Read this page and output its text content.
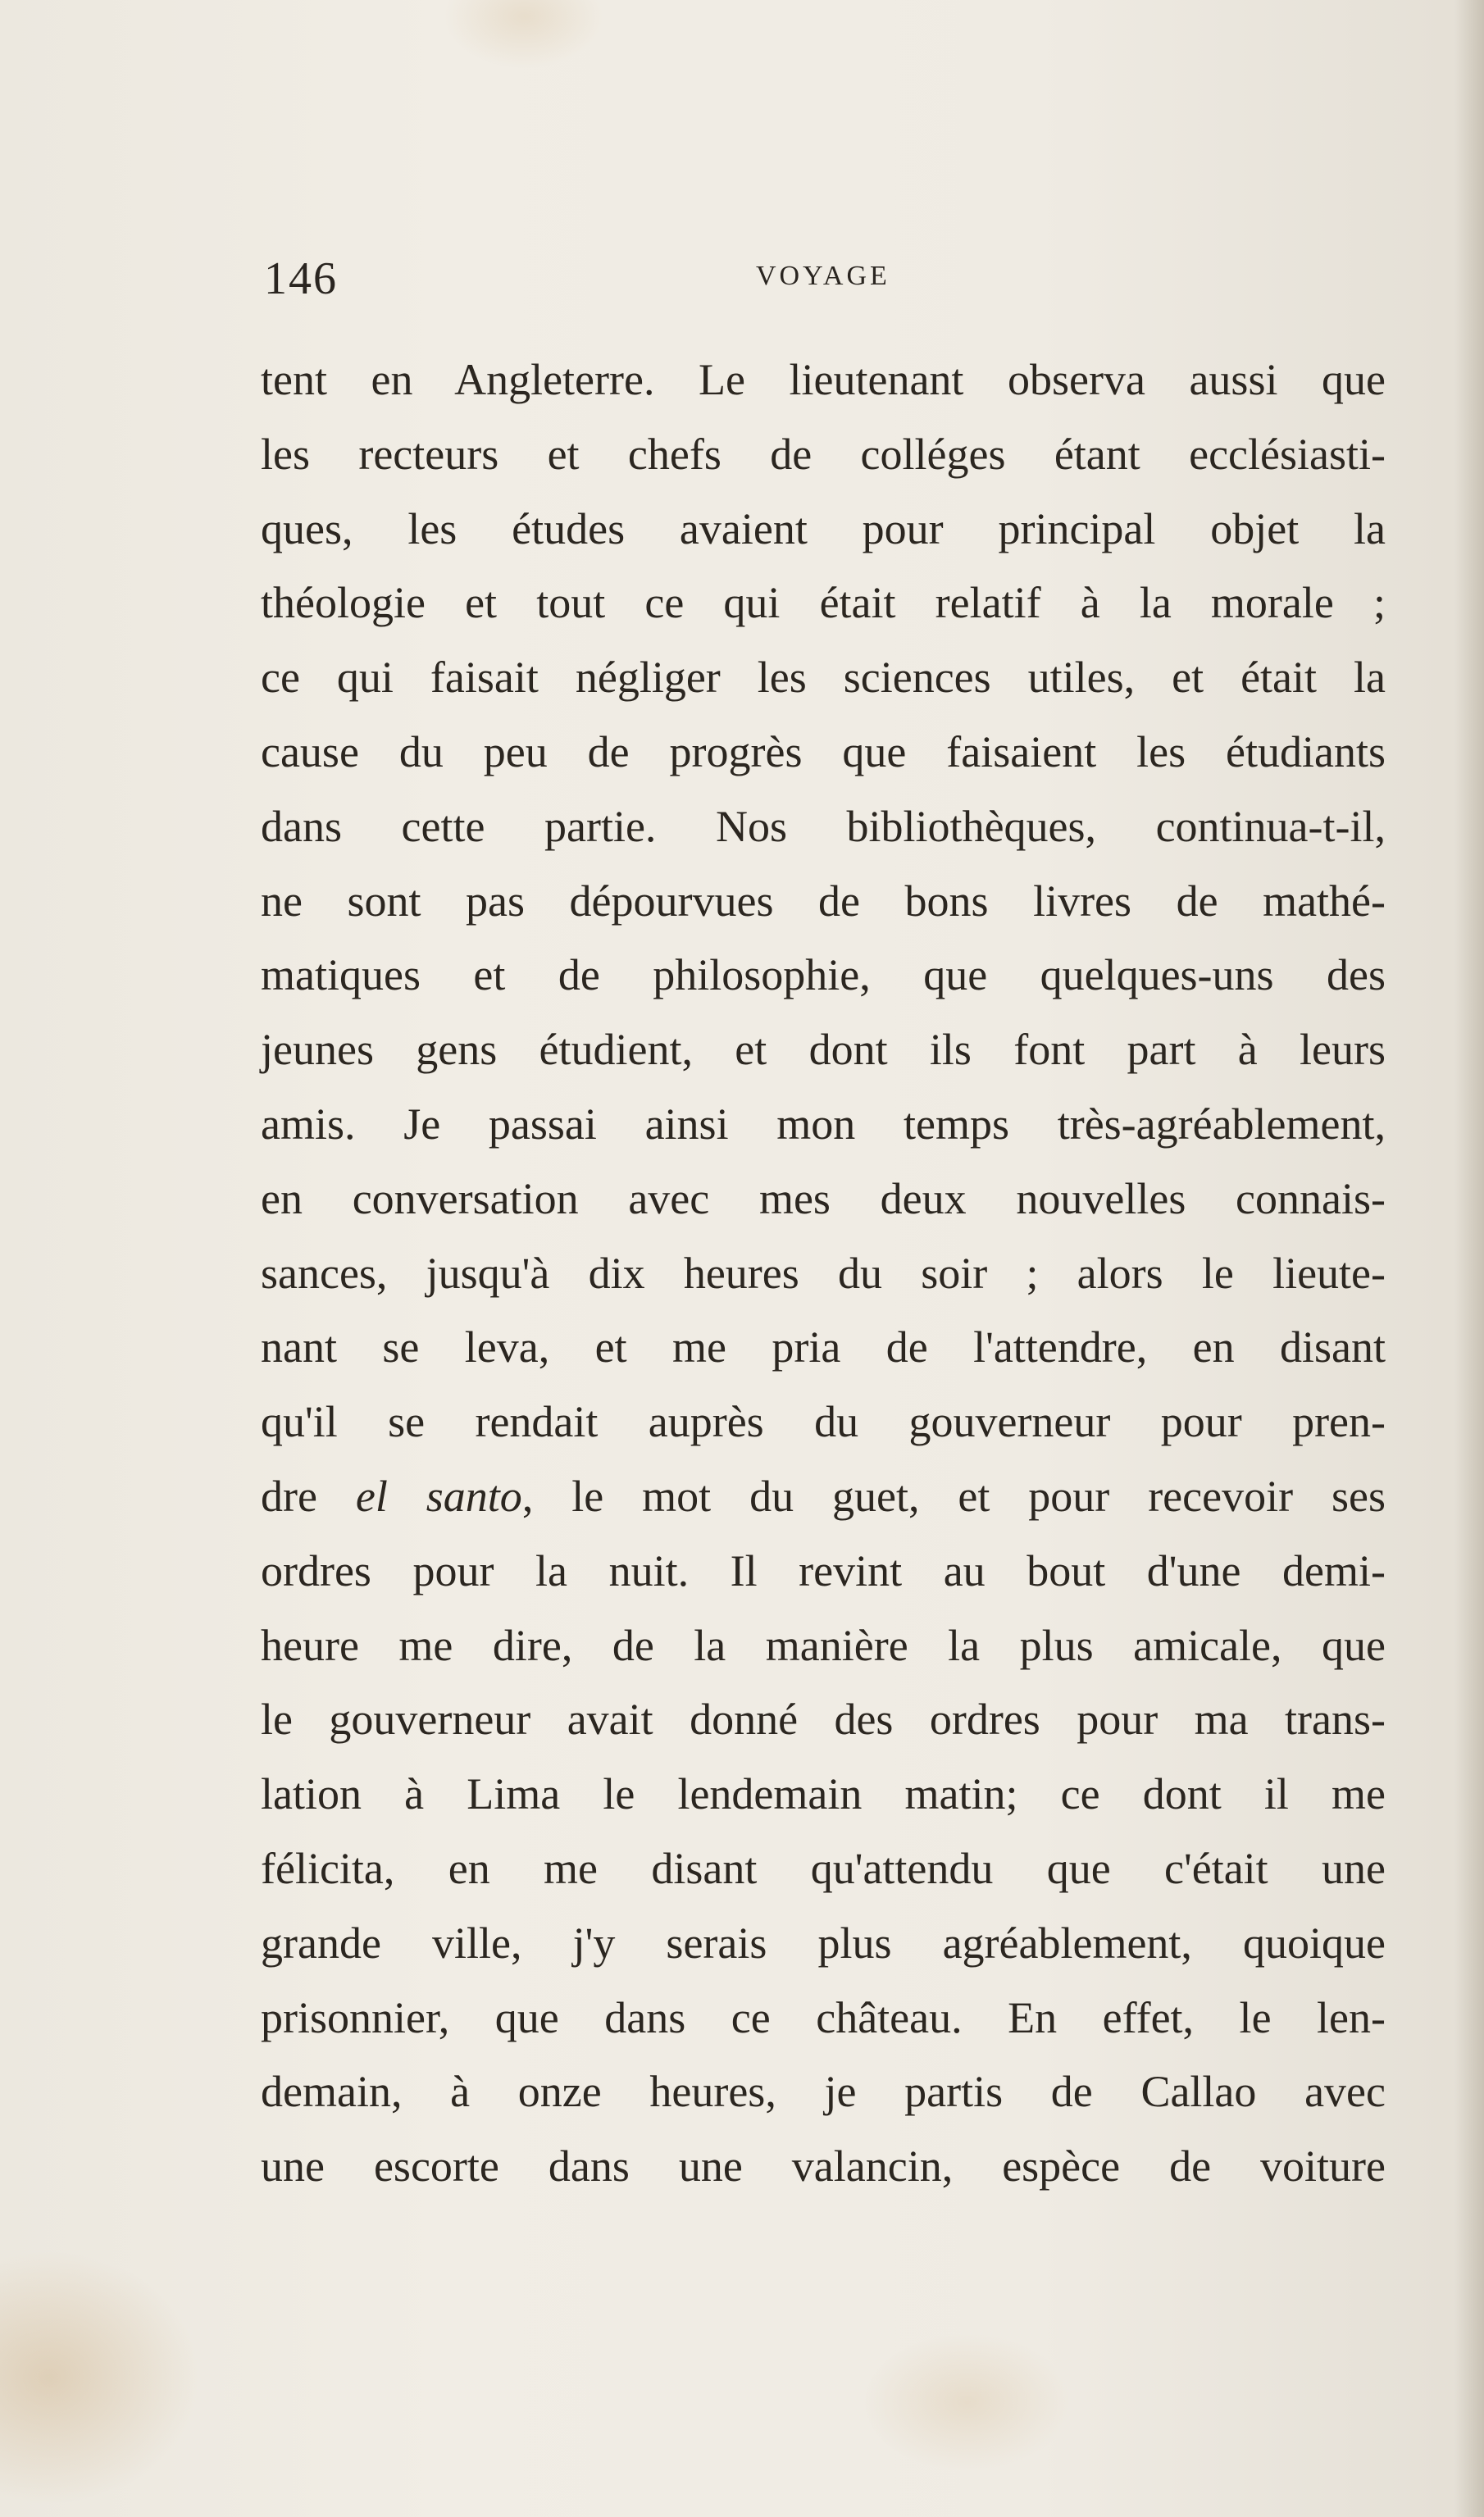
146	VOYAGE
tent en Angleterre. Le lieutenant observa aussi que
les recteurs et chefs de colléges étant ecclésiasti-
ques, les études avaient pour principal objet la
théologie et tout ce qui était relatif à la morale ;
ce qui faisait négliger les sciences utiles, et était la
cause du peu de progrès que faisaient les étudiants
dans cette partie. Nos bibliothèques, continua-t-il,
ne sont pas dépourvues de bons livres de mathé-
matiques et de philosophie, que quelques-uns des
jeunes gens étudient, et dont ils font part à leurs
amis. Je passai ainsi mon temps très-agréablement,
en conversation avec mes deux nouvelles connais-
sances, jusqu'à dix heures du soir ; alors le lieute-
nant se leva, et me pria de l'attendre, en disant
qu'il se rendait auprès du gouverneur pour pren-
dre el santo, le mot du guet, et pour recevoir ses
ordres pour la nuit. Il revint au bout d'une demi-
heure me dire, de la manière la plus amicale, que
le gouverneur avait donné des ordres pour ma trans-
lation à Lima le lendemain matin; ce dont il me
félicita, en me disant qu'attendu que c'était une
grande ville, j'y serais plus agréablement, quoique
prisonnier, que dans ce château. En effet, le len-
demain, à onze heures, je partis de Callao avec
une escorte dans une valancin, espèce de voiture
